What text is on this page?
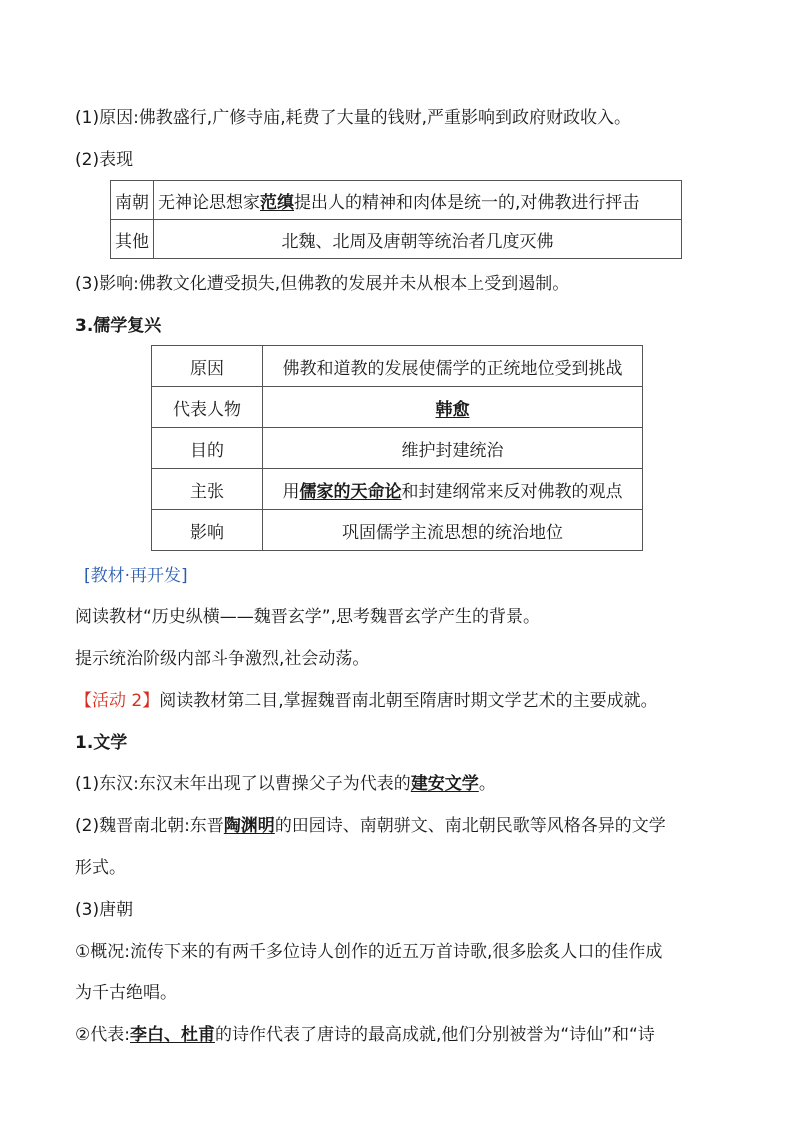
(1)原因:佛教盛行,广修寺庙,耗费了大量的钱财,严重影响到政府财政收入。
(2)表现
南朝	无神论思想家范缜提出人的精神和肉体是统一的,对佛教进行抨击
其他	北魏、北周及唐朝等统治者几度灭佛
(3)影响:佛教文化遭受损失,但佛教的发展并未从根本上受到遏制。
3.儒学复兴
原因	佛教和道教的发展使儒学的正统地位受到挑战
代表人物	韩愈
目的	维护封建统治
主张	用儒家的天命论和封建纲常来反对佛教的观点
影响	巩固儒学主流思想的统治地位
[教材·再开发]
阅读教材“历史纵横——魏晋玄学”,思考魏晋玄学产生的背景。
提示统治阶级内部斗争激烈,社会动荡。
【活动 2】阅读教材第二目,掌握魏晋南北朝至隋唐时期文学艺术的主要成就。
1.文学
(1)东汉:东汉末年出现了以曹操父子为代表的建安文学。
(2)魏晋南北朝:东晋陶渊明的田园诗、南朝骈文、南北朝民歌等风格各异的文学
形式。
(3)唐朝
①概况:流传下来的有两千多位诗人创作的近五万首诗歌,很多脍炙人口的佳作成
为千古绝唱。
②代表:李白、杜甫的诗作代表了唐诗的最高成就,他们分别被誉为“诗仙”和“诗
